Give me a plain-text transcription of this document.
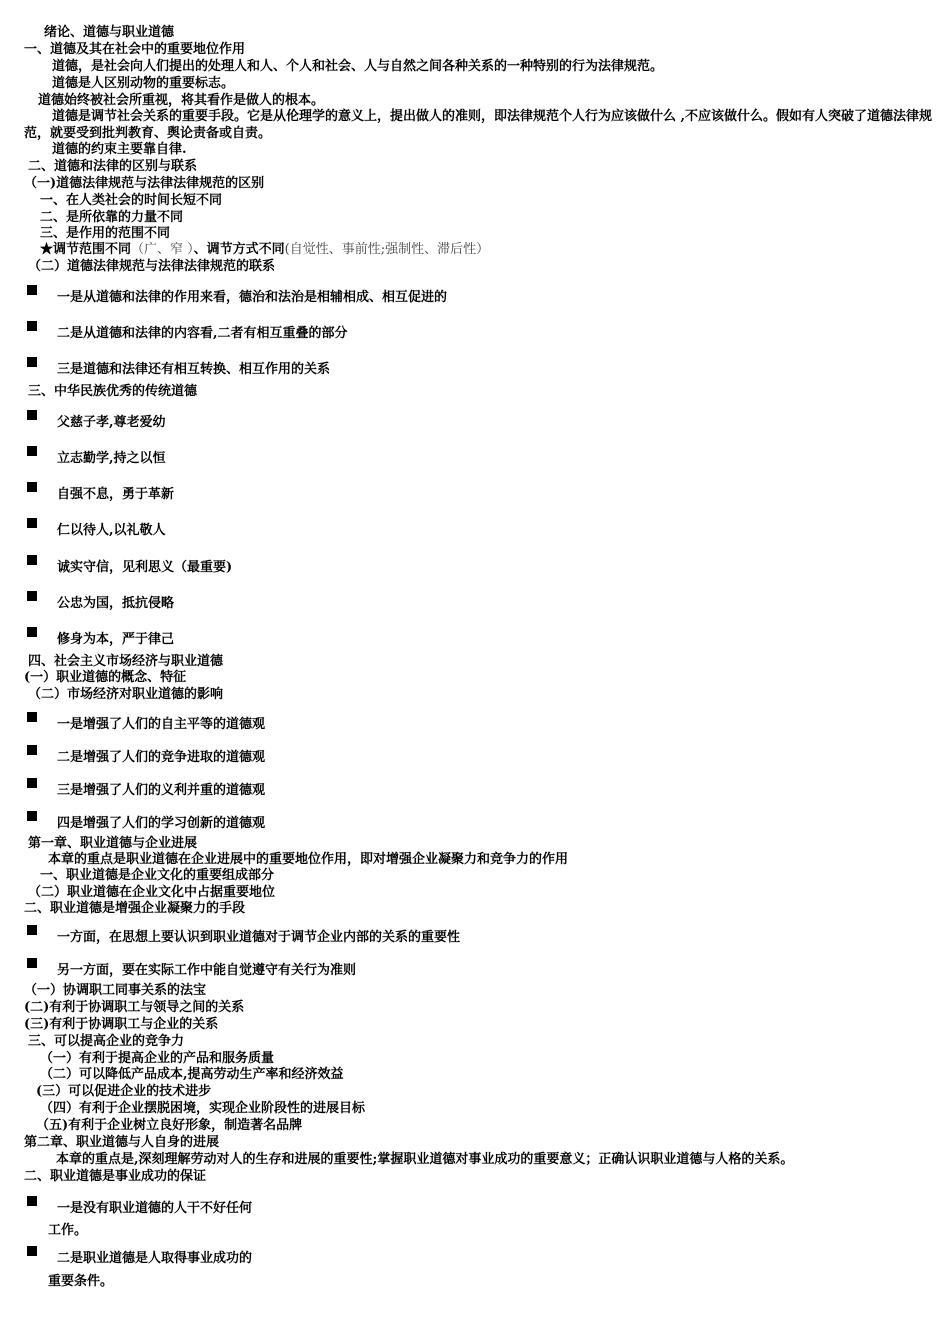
绪论、道德与职业道德
一、道德及其在社会中的重要地位作用
道德，是社会向人们提出的处理人和人、个人和社会、人与自然之间各种关系的一种特别的行为法律规范。
道德是人区别动物的重要标志。
道德始终被社会所重视，将其看作是做人的根本。
道德是调节社会关系的重要手段。它是从伦理学的意义上，提出做人的准则，即法律规范个人行为应该做什么 ,不应该做什么。假如有人突破了道德法律规范，就要受到批判教育、舆论责备或自责。
道德的约束主要靠自律.
二、道德和法律的区别与联系
（一)道德法律规范与法律法律规范的区别
一、在人类社会的时间长短不同
二、是所依靠的力量不同
三、是作用的范围不同
★调节范围不同（广、窄 ）、调节方式不同(自觉性、事前性;强制性、滞后性）
（二）道德法律规范与法律法律规范的联系
一是从道德和法律的作用来看，德治和法治是相辅相成、相互促进的
二是从道德和法律的内容看,二者有相互重叠的部分
三是道德和法律还有相互转换、相互作用的关系
三、中华民族优秀的传统道德
父慈子孝,尊老爱幼
立志勤学,持之以恒
自强不息，勇于革新
仁以待人,以礼敬人
诚实守信，见利思义（最重要)
公忠为国，抵抗侵略
修身为本，严于律己
四、社会主义市场经济与职业道德
(一）职业道德的概念、特征
（二）市场经济对职业道德的影响
一是增强了人们的自主平等的道德观
二是增强了人们的竞争进取的道德观
三是增强了人们的义利并重的道德观
四是增强了人们的学习创新的道德观
第一章、职业道德与企业进展
本章的重点是职业道德在企业进展中的重要地位作用，即对增强企业凝聚力和竞争力的作用
一、职业道德是企业文化的重要组成部分
（二）职业道德在企业文化中占据重要地位
二、职业道德是增强企业凝聚力的手段
一方面，在思想上要认识到职业道德对于调节企业内部的关系的重要性
另一方面，要在实际工作中能自觉遵守有关行为准则
（一）协调职工同事关系的法宝
(二)有利于协调职工与领导之间的关系
(三)有利于协调职工与企业的关系
三、可以提高企业的竞争力
（一）有利于提高企业的产品和服务质量
（二）可以降低产品成本,提高劳动生产率和经济效益
(三）可以促进企业的技术进步
（四）有利于企业摆脱困境，实现企业阶段性的进展目标
（五)有利于企业树立良好形象，制造著名品牌
第二章、职业道德与人自身的进展
本章的重点是,深刻理解劳动对人的生存和进展的重要性;掌握职业道德对事业成功的重要意义；正确认识职业道德与人格的关系。
二、职业道德是事业成功的保证
一是没有职业道德的人干不好任何
工作。
二是职业道德是人取得事业成功的
重要条件。
